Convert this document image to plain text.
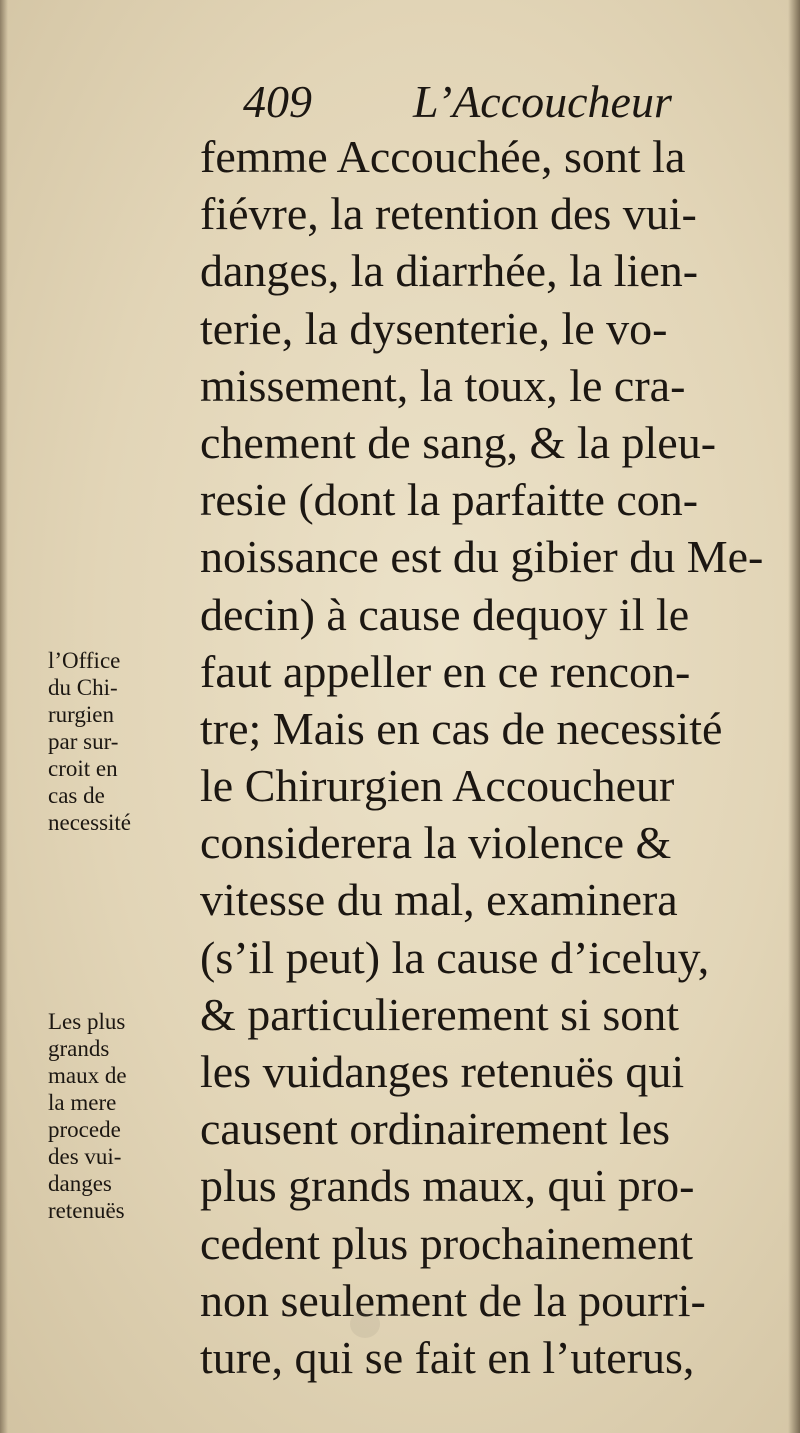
409 L’Accoucheur
femme Accouchée, sont la
fiévre, la retention des vui-
danges, la diarrhée, la lien-
terie, la dysenterie, le vo-
missement, la toux, le cra-
chement de sang, & la pleu-
resie (dont la parfaitte con-
noissance est du gibier du Me-
decin) à cause dequoy il le
faut appeller en ce rencon-
tre; Mais en cas de necessité
le Chirurgien Accoucheur
considerera la violence &
vitesse du mal, examinera
(s’il peut) la cause d’iceluy,
& particulierement si sont
les vuidanges retenuës qui
causent ordinairement les
plus grands maux, qui pro-
cedent plus prochainement
non seulement de la pourri-
ture, qui se fait en l’uterus,
l’Office
du Chi-
rurgien
par sur-
croit en
cas de
necessité
Les plus
grands
maux de
la mere
procede
des vui-
danges
retenuës
